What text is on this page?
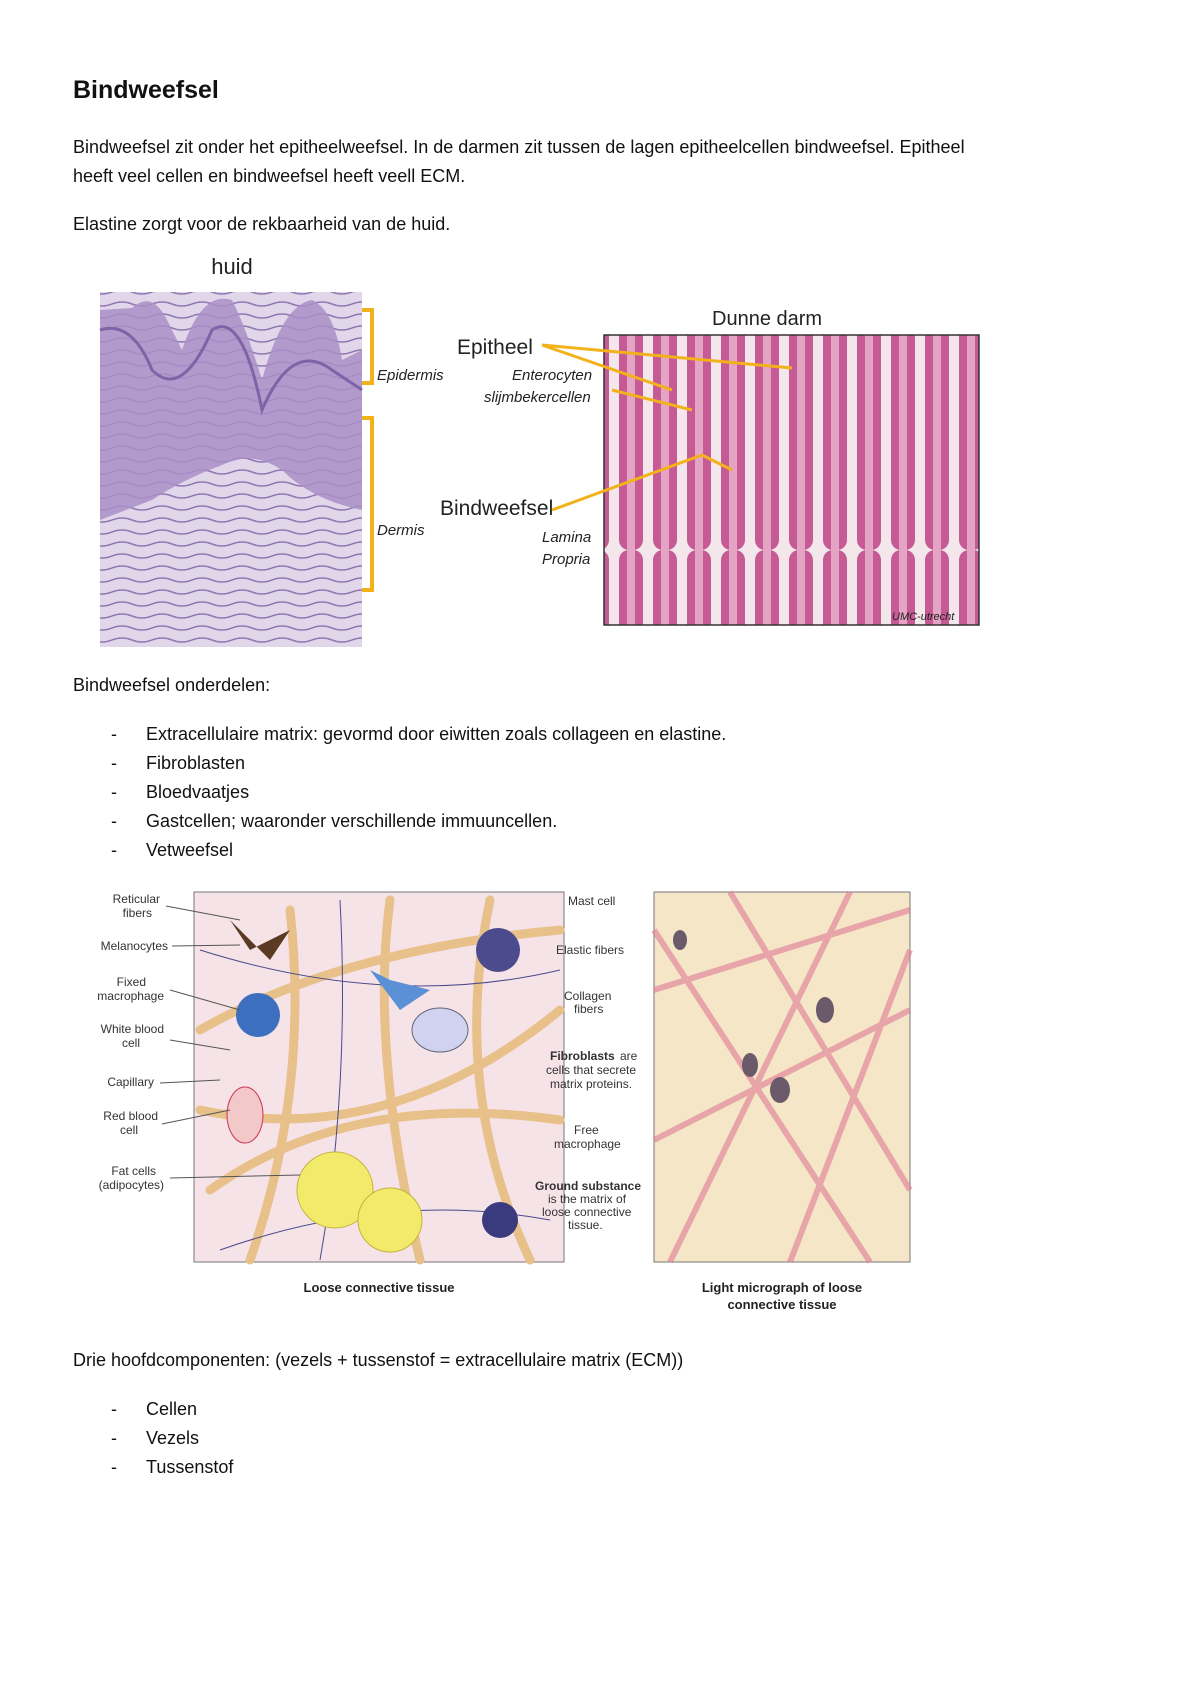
Bindweefsel
Bindweefsel zit onder het epitheelweefsel. In de darmen zit tussen de lagen epitheelcellen bindweefsel. Epitheel
heeft veel cellen en bindweefsel heeft veell ECM.
Elastine zorgt voor de rekbaarheid van de huid.
huid
Epidermis
Dermis
Epitheel
Enterocyten
slijmbekercellen
Bindweefsel
Lamina
Propria
Dunne darm
UMC-utrecht
Bindweefsel onderdelen:
- Extracellulaire matrix: gevormd door eiwitten zoals collageen en elastine.
- Fibroblasten
- Bloedvaatjes
- Gastcellen; waaronder verschillende immuuncellen.
- Vetweefsel
Reticular
fibers
Melanocytes
Fixed
macrophage
White blood
cell
Capillary
Red blood
cell
Fat cells
(adipocytes)
Mast cell
Elastic fibers
Collagen
fibers
Fibroblasts are
cells that secrete
matrix proteins.
Free
macrophage
Ground substance
is the matrix of
loose connective
tissue.
Loose connective tissue	Light micrograph of loose
connective tissue
Drie hoofdcomponenten: (vezels + tussenstof = extracellulaire matrix (ECM))
- Cellen
- Vezels
- Tussenstof
